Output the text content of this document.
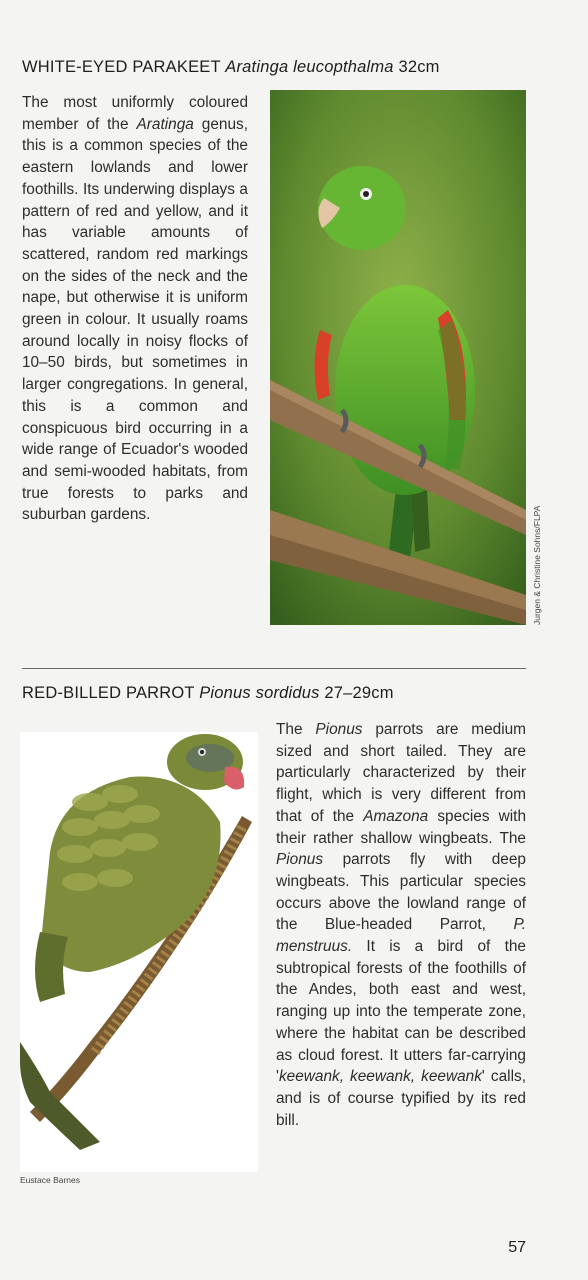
WHITE-EYED PARAKEET Aratinga leucopthalma 32cm

The most uniformly coloured member of the Aratinga genus, this is a common species of the eastern lowlands and lower foothills. Its underwing displays a pattern of red and yellow, and it has variable amounts of scattered, random red markings on the sides of the neck and the nape, but otherwise it is uniform green in colour. It usually roams around locally in noisy flocks of 10–50 birds, but sometimes in larger congregations. In general, this is a common and conspicuous bird occurring in a wide range of Ecuador's wooded and semi-wooded habitats, from true forests to parks and suburban gardens.	Jurgen & Christine Sohns/FLPA
RED-BILLED PARROT Pionus sordidus 27–29cm
Eustace Barnes

The Pionus parrots are medium sized and short tailed. They are particularly characterized by their flight, which is very different from that of the Amazona species with their rather shallow wingbeats. The Pionus parrots fly with deep wingbeats. This particular species occurs above the lowland range of the Blue-headed Parrot, P. menstruus. It is a bird of the subtropical forests of the foothills of the Andes, both east and west, ranging up into the temperate zone, where the habitat can be described as cloud forest. It utters far-carrying 'keewank, keewank, keewank' calls, and is of course typified by its red bill.

57
